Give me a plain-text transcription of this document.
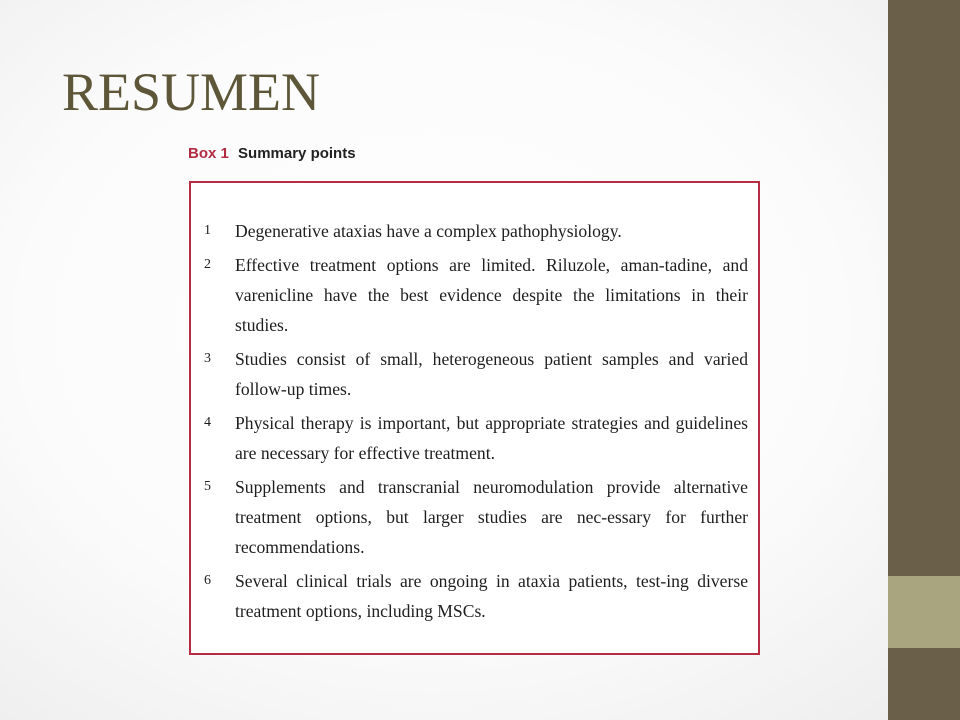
RESUMEN
Box 1 Summary points
1	Degenerative ataxias have a complex pathophysiology.
2	Effective treatment options are limited. Riluzole, aman-tadine, and varenicline have the best evidence despite the limitations in their studies.
3	Studies consist of small, heterogeneous patient samples and varied follow-up times.
4	Physical therapy is important, but appropriate strategies and guidelines are necessary for effective treatment.
5	Supplements and transcranial neuromodulation provide alternative treatment options, but larger studies are nec-essary for further recommendations.
6	Several clinical trials are ongoing in ataxia patients, test-ing diverse treatment options, including MSCs.
